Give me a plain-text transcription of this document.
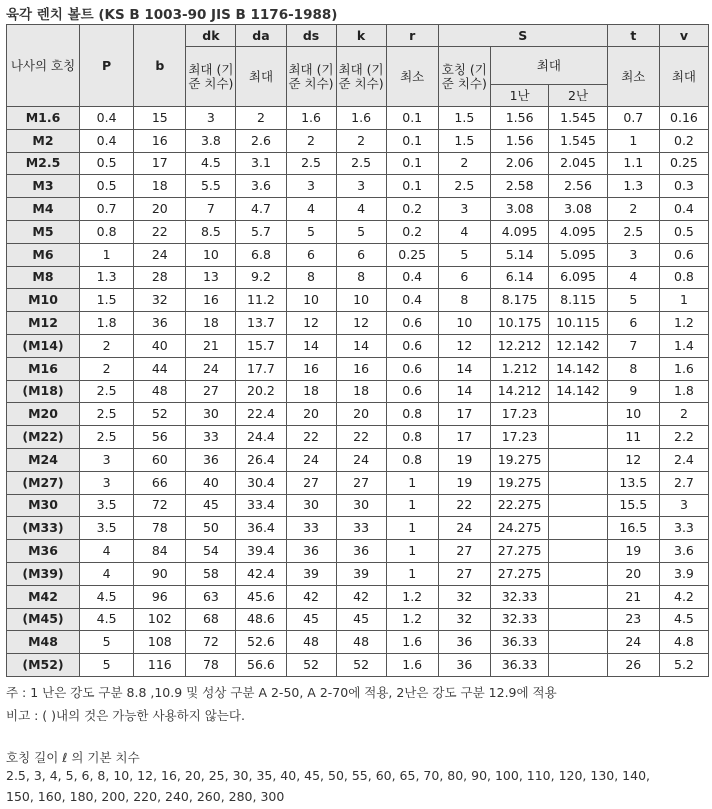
육각 렌치 볼트 (KS B 1003-90 JIS B 1176-1988)
나사의 호칭	P	b	dk	da	ds	k	r	S			t	v
			최대 (기준 치수)	최대	최대 (기준 치수)	최대 (기준 치수)	최소	호칭 (기준 치수)	최대		최소	최대
									1난	2난		
M1.6	0.4	15	3	2	1.6	1.6	0.1	1.5	1.56	1.545	0.7	0.16
M2	0.4	16	3.8	2.6	2	2	0.1	1.5	1.56	1.545	1	0.2
M2.5	0.5	17	4.5	3.1	2.5	2.5	0.1	2	2.06	2.045	1.1	0.25
M3	0.5	18	5.5	3.6	3	3	0.1	2.5	2.58	2.56	1.3	0.3
M4	0.7	20	7	4.7	4	4	0.2	3	3.08	3.08	2	0.4
M5	0.8	22	8.5	5.7	5	5	0.2	4	4.095	4.095	2.5	0.5
M6	1	24	10	6.8	6	6	0.25	5	5.14	5.095	3	0.6
M8	1.3	28	13	9.2	8	8	0.4	6	6.14	6.095	4	0.8
M10	1.5	32	16	11.2	10	10	0.4	8	8.175	8.115	5	1
M12	1.8	36	18	13.7	12	12	0.6	10	10.175	10.115	6	1.2
(M14)	2	40	21	15.7	14	14	0.6	12	12.212	12.142	7	1.4
M16	2	44	24	17.7	16	16	0.6	14	1.212	14.142	8	1.6
(M18)	2.5	48	27	20.2	18	18	0.6	14	14.212	14.142	9	1.8
M20	2.5	52	30	22.4	20	20	0.8	17	17.23		10	2
(M22)	2.5	56	33	24.4	22	22	0.8	17	17.23		11	2.2
M24	3	60	36	26.4	24	24	0.8	19	19.275		12	2.4
(M27)	3	66	40	30.4	27	27	1	19	19.275		13.5	2.7
M30	3.5	72	45	33.4	30	30	1	22	22.275		15.5	3
(M33)	3.5	78	50	36.4	33	33	1	24	24.275		16.5	3.3
M36	4	84	54	39.4	36	36	1	27	27.275		19	3.6
(M39)	4	90	58	42.4	39	39	1	27	27.275		20	3.9
M42	4.5	96	63	45.6	42	42	1.2	32	32.33		21	4.2
(M45)	4.5	102	68	48.6	45	45	1.2	32	32.33		23	4.5
M48	5	108	72	52.6	48	48	1.6	36	36.33		24	4.8
(M52)	5	116	78	56.6	52	52	1.6	36	36.33		26	5.2
주 : 1 난은 강도 구분 8.8 ,10.9 및 성상 구분 A 2-50, A 2-70에 적용, 2난은 강도 구분 12.9에 적용
비고 : ( )내의 것은 가능한 사용하지 않는다.
호칭 길이 ℓ 의 기본 치수
2.5, 3, 4, 5, 6, 8, 10, 12, 16, 20, 25, 30, 35, 40, 45, 50, 55, 60, 65, 70, 80, 90, 100, 110, 120, 130, 140,
150, 160, 180, 200, 220, 240, 260, 280, 300
